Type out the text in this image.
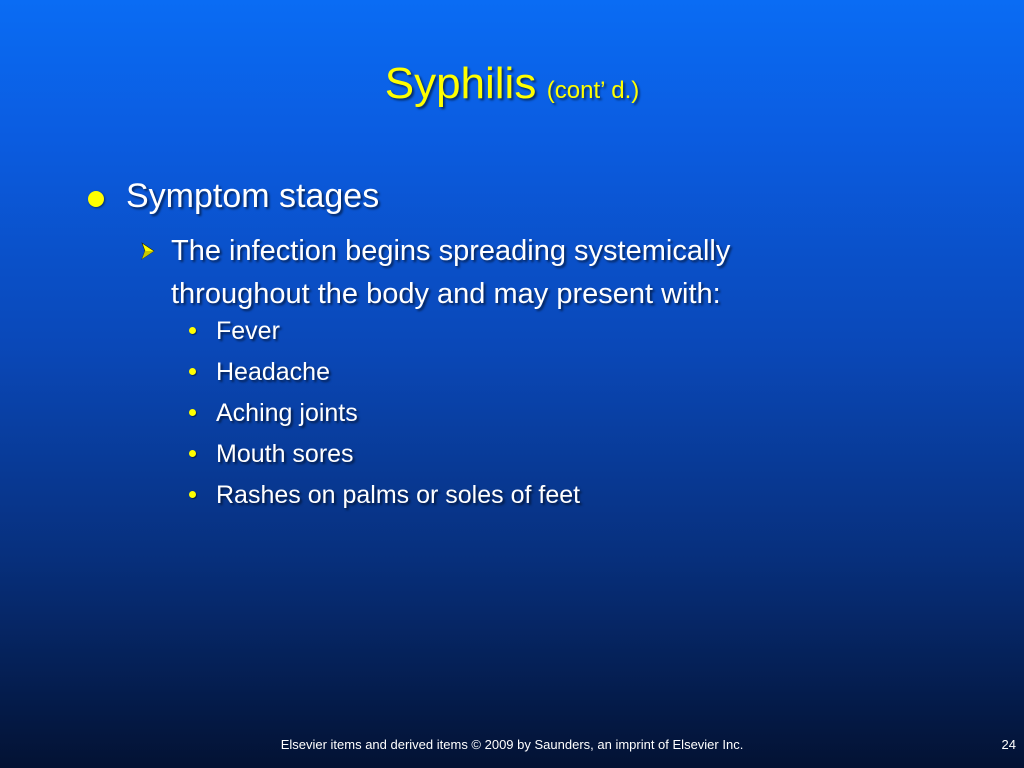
Syphilis (cont’ d.)
Symptom stages
The infection begins spreading systemically throughout the body and may present with:
Fever
Headache
Aching joints
Mouth sores
Rashes on palms or soles of feet
Elsevier items and derived items © 2009 by Saunders, an imprint of Elsevier Inc.	24
